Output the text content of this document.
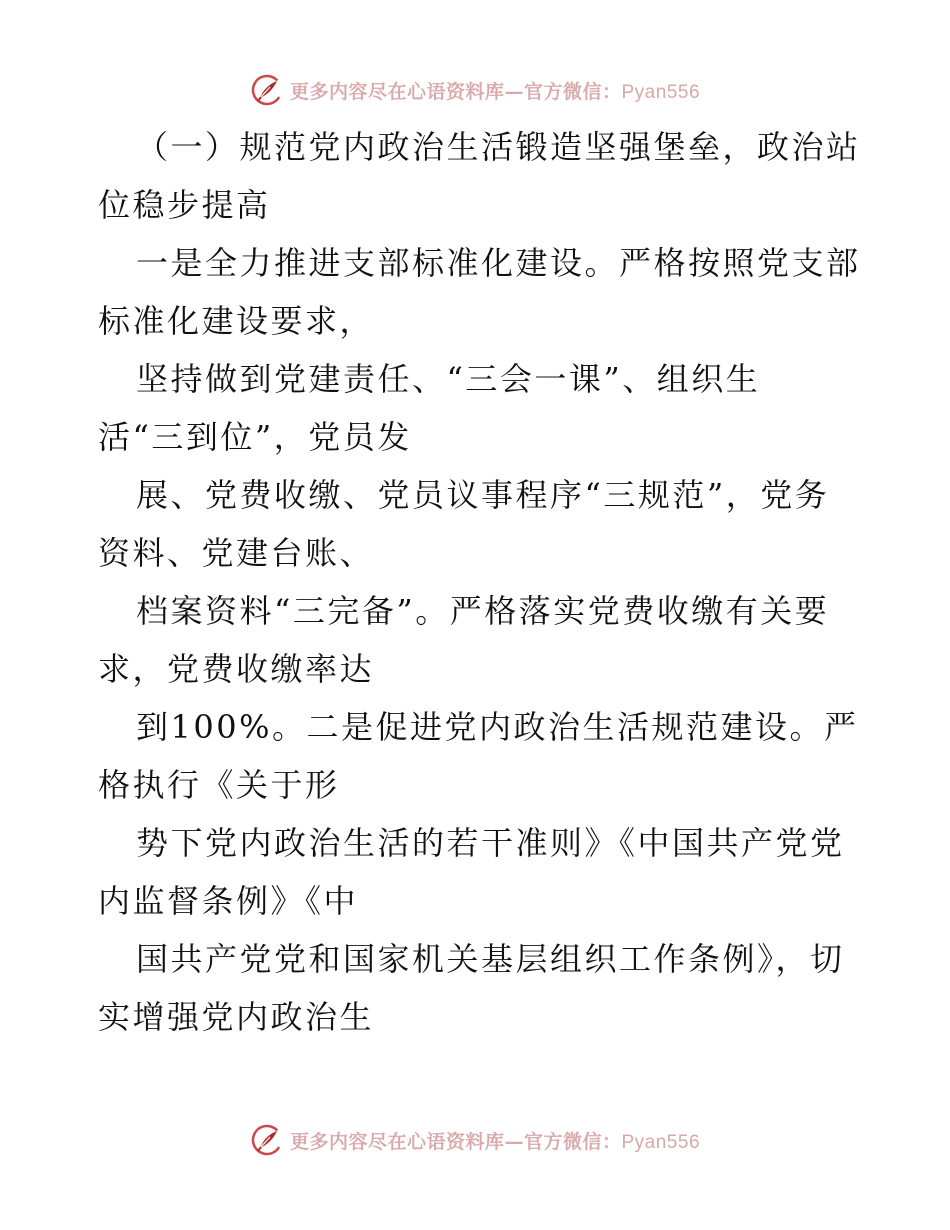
更多内容尽在心语资料库—官方微信：Pyan556
（一）规范党内政治生活锻造坚强堡垒，政治站
位稳步提高
一是全力推进支部标准化建设。严格按照党支部
标准化建设要求，
坚持做到党建责任、“三会一课”、组织生
活“三到位”，党员发
展、党费收缴、党员议事程序“三规范”，党务
资料、党建台账、
档案资料“三完备”。严格落实党费收缴有关要
求，党费收缴率达
到100%。二是促进党内政治生活规范建设。严
格执行《关于形
势下党内政治生活的若干准则》《中国共产党党
内监督条例》《中
国共产党党和国家机关基层组织工作条例》，切
实增强党内政治生
更多内容尽在心语资料库—官方微信：Pyan556
